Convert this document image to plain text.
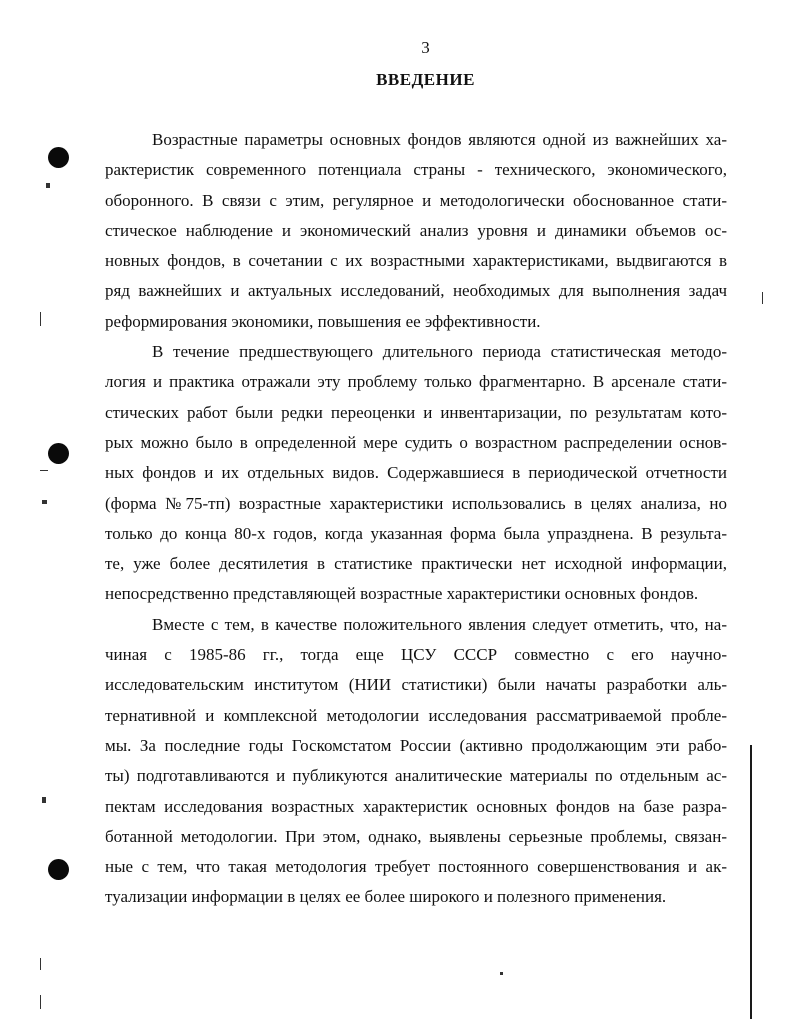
3
ВВЕДЕНИЕ
Возрастные параметры основных фондов являются одной из важнейших ха-
рактеристик современного потенциала страны - технического, экономического,
оборонного. В связи с этим, регулярное и методологически обоснованное стати-
стическое наблюдение и экономический анализ уровня и динамики объемов ос-
новных фондов, в сочетании с их возрастными характеристиками, выдвигаются в
ряд важнейших и актуальных исследований, необходимых для выполнения задач
реформирования экономики, повышения ее эффективности.
В течение предшествующего длительного периода статистическая методо-
логия и практика отражали эту проблему только фрагментарно. В арсенале стати-
стических работ были редки переоценки и инвентаризации, по результатам кото-
рых можно было в определенной мере судить о возрастном распределении основ-
ных фондов и их отдельных видов. Содержавшиеся в периодической отчетности
(форма №75-тп) возрастные характеристики использовались в целях анализа, но
только до конца 80-х годов, когда указанная форма была упразднена. В результа-
те, уже более десятилетия в статистике практически нет исходной информации,
непосредственно представляющей возрастные характеристики основных фондов.
Вместе с тем, в качестве положительного явления следует отметить, что, на-
чиная с 1985-86 гг., тогда еще ЦСУ СССР совместно с его научно-
исследовательским институтом (НИИ статистики) были начаты разработки аль-
тернативной и комплексной методологии исследования рассматриваемой пробле-
мы. За последние годы Госкомстатом России (активно продолжающим эти рабо-
ты) подготавливаются и публикуются аналитические материалы по отдельным ас-
пектам исследования возрастных характеристик основных фондов на базе разра-
ботанной методологии. При этом, однако, выявлены серьезные проблемы, связан-
ные с тем, что такая методология требует постоянного совершенствования и ак-
туализации информации в целях ее более широкого и полезного применения.
